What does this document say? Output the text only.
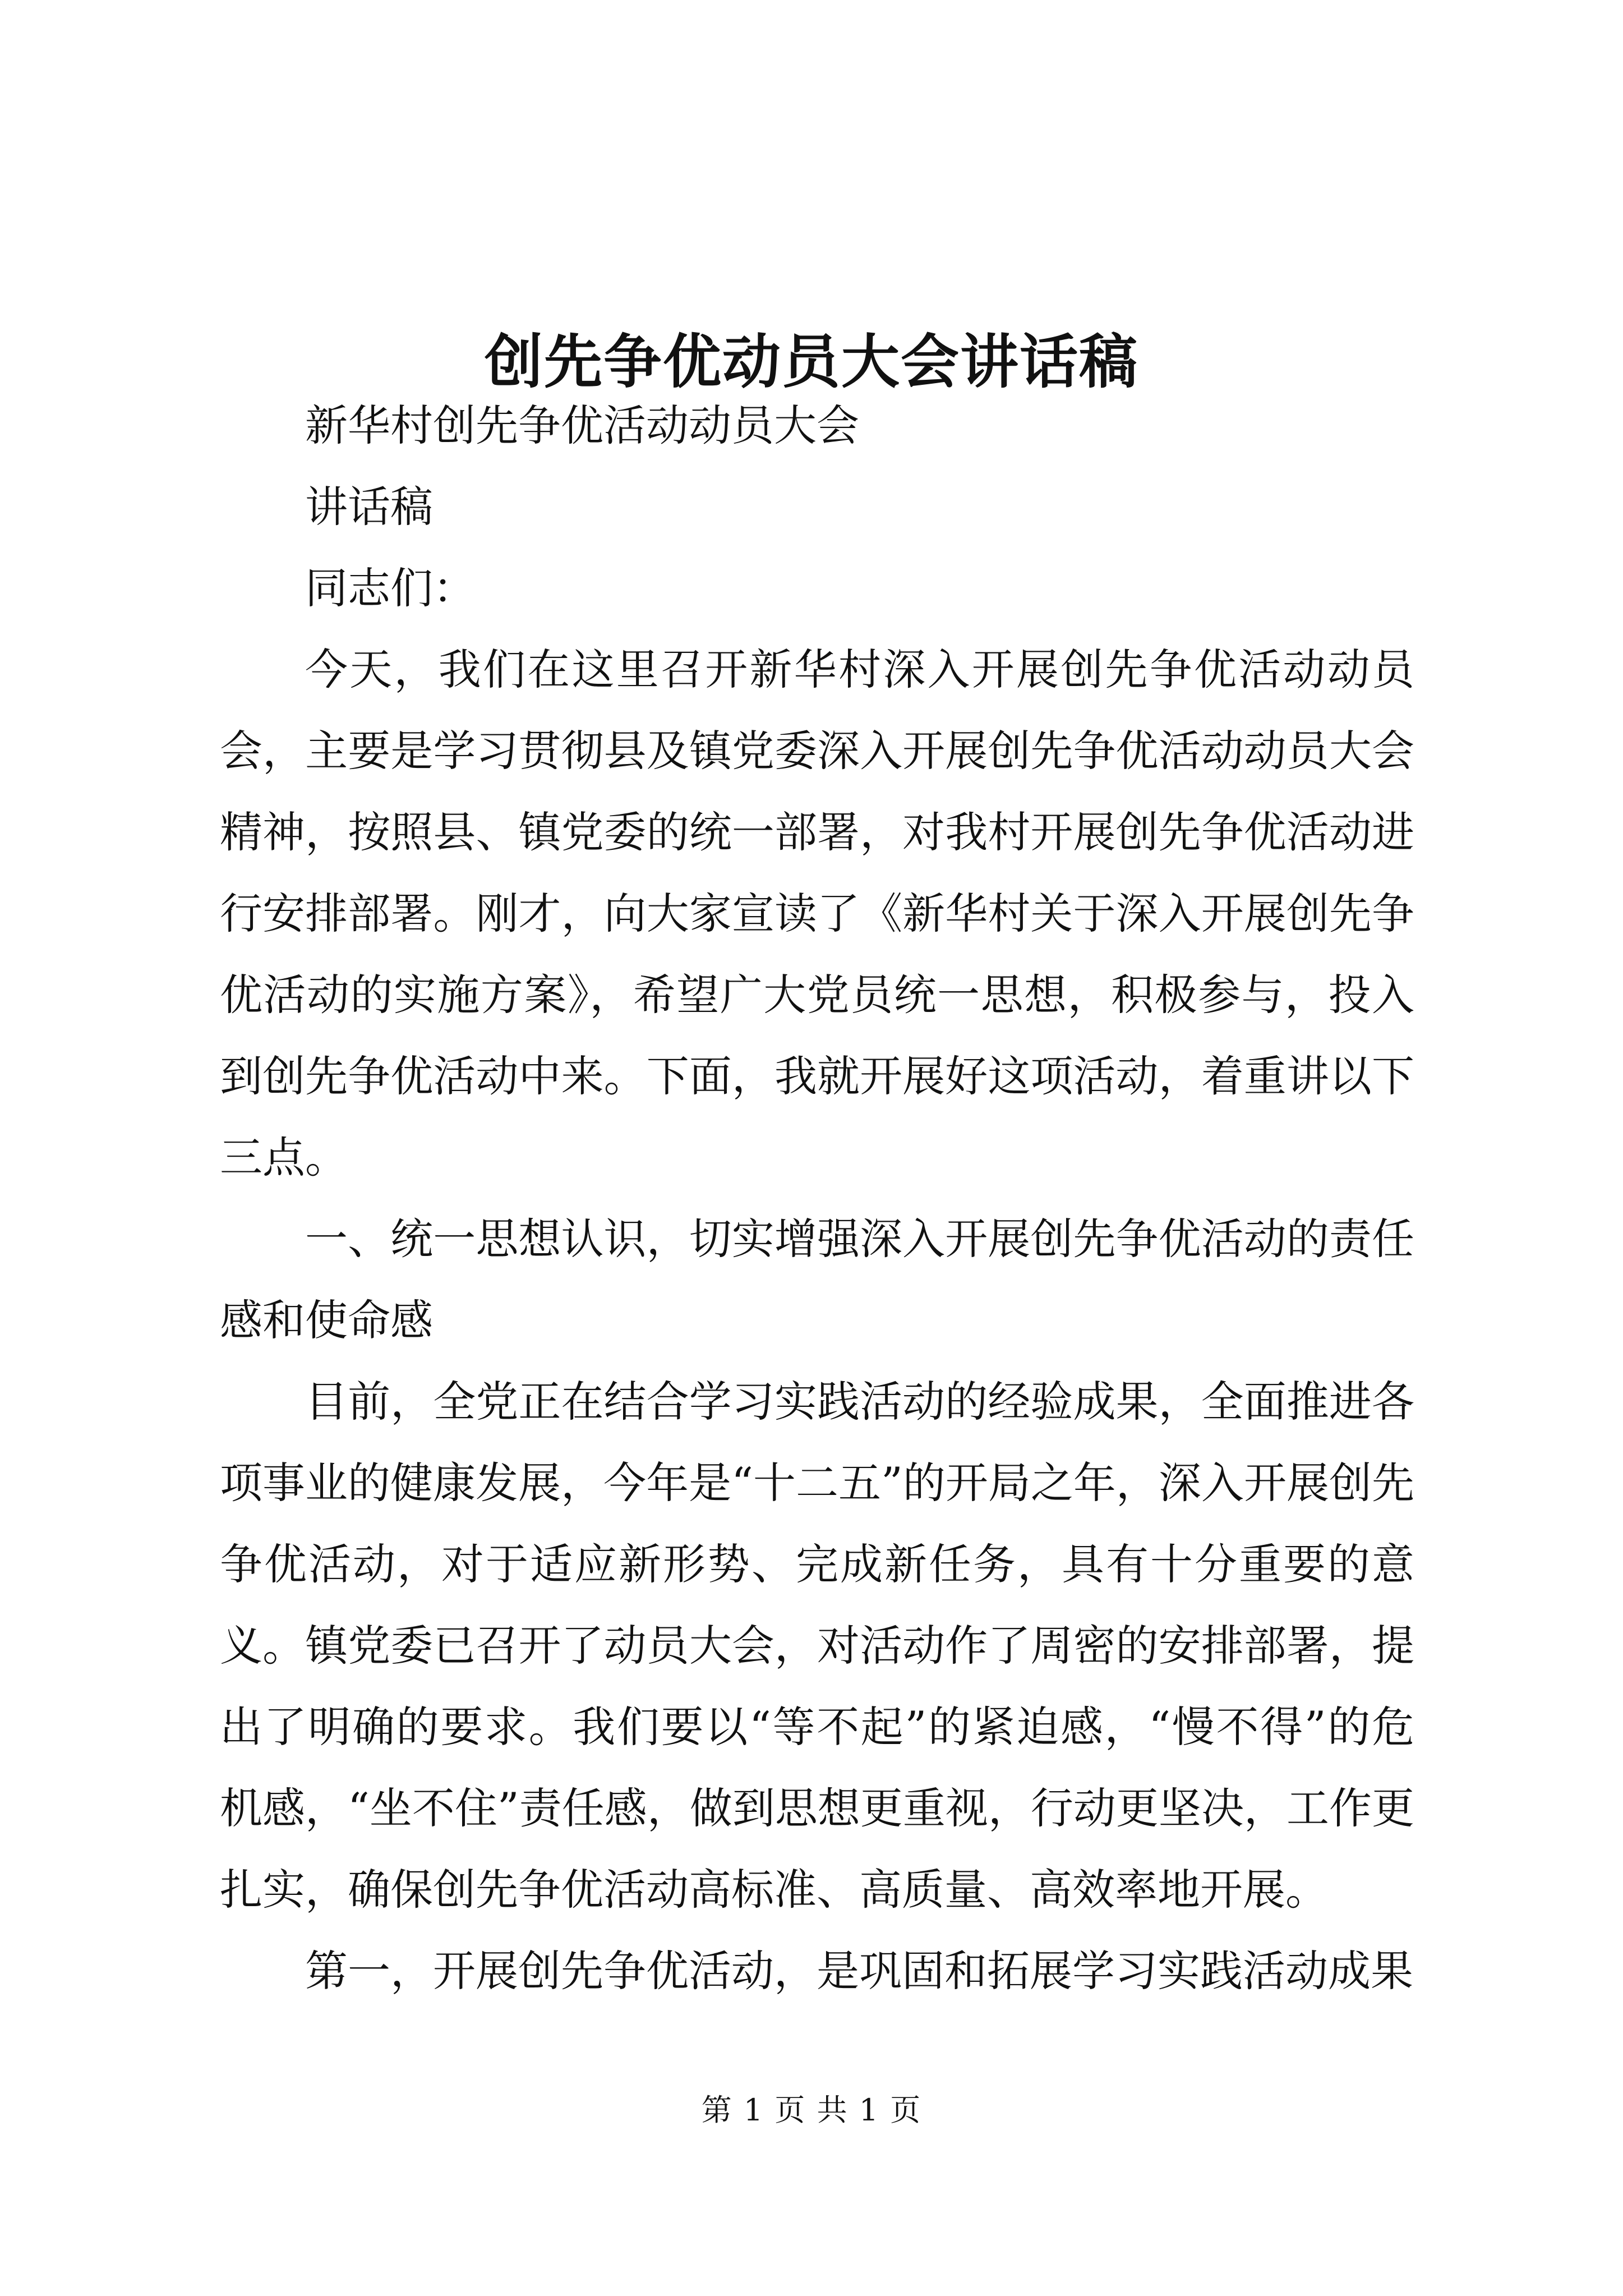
创先争优动员大会讲话稿

新华村创先争优活动动员大会

讲话稿

同志们：

今天，我们在这里召开新华村深入开展创先争优活动动员会，主要是学习贯彻县及镇党委深入开展创先争优活动动员大会精神，按照县、镇党委的统一部署，对我村开展创先争优活动进行安排部署。刚才，向大家宣读了《新华村关于深入开展创先争优活动的实施方案》，希望广大党员统一思想，积极参与，投入到创先争优活动中来。下面，我就开展好这项活动，着重讲以下三点。

一、统一思想认识，切实增强深入开展创先争优活动的责任感和使命感

目前，全党正在结合学习实践活动的经验成果，全面推进各项事业的健康发展，今年是“十二五”的开局之年，深入开展创先争优活动，对于适应新形势、完成新任务，具有十分重要的意义。镇党委已召开了动员大会，对活动作了周密的安排部署，提出了明确的要求。我们要以“等不起”的紧迫感，“慢不得”的危机感，“坐不住”责任感，做到思想更重视，行动更坚决，工作更扎实，确保创先争优活动高标准、高质量、高效率地开展。

第一，开展创先争优活动，是巩固和拓展学习实践活动成果

第 1 页 共 1 页
